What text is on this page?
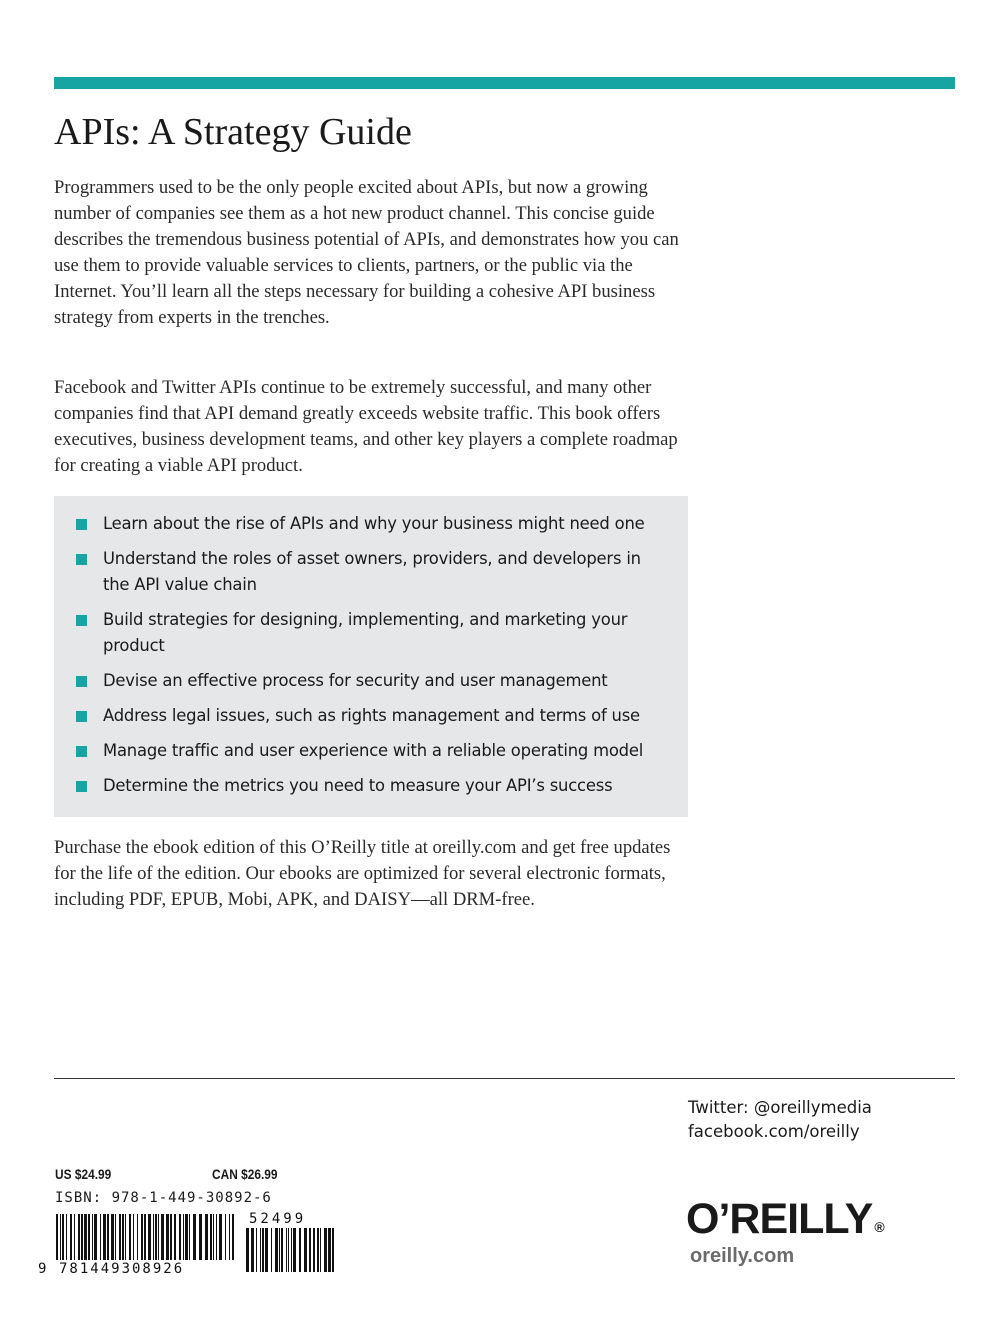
APIs: A Strategy Guide

Programmers used to be the only people excited about APIs, but now a growing number of companies see them as a hot new product channel. This concise guide describes the tremendous business potential of APIs, and demonstrates how you can use them to provide valuable services to clients, partners, or the public via the Internet. You’ll learn all the steps necessary for building a cohesive API business strategy from experts in the trenches.

Facebook and Twitter APIs continue to be extremely successful, and many other companies find that API demand greatly exceeds website traffic. This book offers executives, business development teams, and other key players a complete roadmap for creating a viable API product.

Learn about the rise of APIs and why your business might need one
Understand the roles of asset owners, providers, and developers in the API value chain
Build strategies for designing, implementing, and marketing your product
Devise an effective process for security and user management
Address legal issues, such as rights management and terms of use
Manage traffic and user experience with a reliable operating model
Determine the metrics you need to measure your API’s success

Purchase the ebook edition of this O’Reilly title at oreilly.com and get free updates for the life of the edition. Our ebooks are optimized for several electronic formats, including PDF, EPUB, Mobi, APK, and DAISY—all DRM-free.

Twitter: @oreillymedia
facebook.com/oreilly
US $24.99	CAN $26.99
ISBN: 978-1-449-30892-6
9 781449308926
52499	O’REILLY ®
oreilly.com
